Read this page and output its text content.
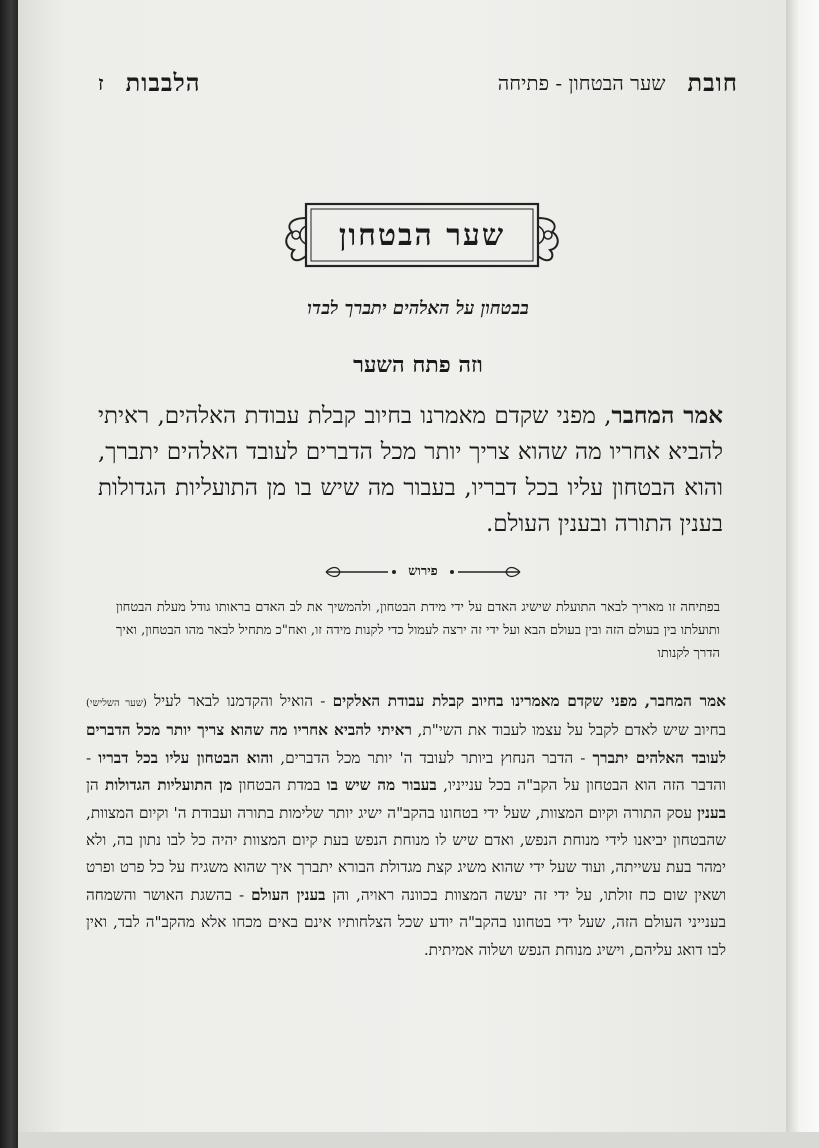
חובת
שער הבטחון - פתיחה
הלבבות
ז
שער הבטחון
בבטחון על האלהים יתברך לבדו
וזה פתח השער
אמר המחבר, מפני שקדם מאמרנו בחיוב קבלת עבודת האלהים, ראיתי להביא אחריו מה שהוא צריך יותר מכל הדברים לעובד האלהים יתברך, והוא הבטחון עליו בכל דבריו, בעבור מה שיש בו מן התועליות הגדולות בענין התורה ובענין העולם.
פירוש
בפתיחה זו מאריך לבאר התועלת שישיג האדם על ידי מידת הבטחון, ולהמשיך את לב האדם בראותו גודל מעלת הבטחון ותועלתו בין בעולם הזה ובין בעולם הבא ועל ידי זה ירצה לעמול כדי לקנות מידה זו, ואח"כ מתחיל לבאר מהו הבטחון, ואיך הדרך לקנותו
אמר המחבר, מפני שקדם מאמרינו בחיוב קבלת עבודת האלקים - הואיל והקדמנו לבאר לעיל (שער השלישי) בחיוב שיש לאדם לקבל על עצמו לעבוד את השי"ת, ראיתי להביא אחריו מה שהוא צריך יותר מכל הדברים לעובד האלהים יתברך - הדבר הנחוץ ביותר לעובד ה' יותר מכל הדברים, והוא הבטחון עליו בכל דבריו - והדבר הזה הוא הבטחון על הקב"ה בכל ענייניו, בעבור מה שיש בו במדת הבטחון מן התועליות הגדולות הן בענין עסק התורה וקיום המצוות, שעל ידי בטחונו בהקב"ה ישיג יותר שלימות בתורה ועבודת ה' וקיום המצוות, שהבטחון יביאנו לידי מנוחת הנפש, ואדם שיש לו מנוחת הנפש בעת קיום המצוות יהיה כל לבו נתון בה, ולא ימהר בעת עשייתה, ועוד שעל ידי שהוא משיג קצת מגדולת הבורא יתברך איך שהוא משגיח על כל פרט ופרט ושאין שום כח זולתו, על ידי זה יעשה המצוות בכוונה ראויה, והן בענין העולם - בהשגת האושר והשמחה בענייני העולם הזה, שעל ידי בטחונו בהקב"ה יודע שכל הצלחותיו אינם באים מכחו אלא מהקב"ה לבד, ואין לבו דואג עליהם, וישיג מנוחת הנפש ושלוה אמיתית.
